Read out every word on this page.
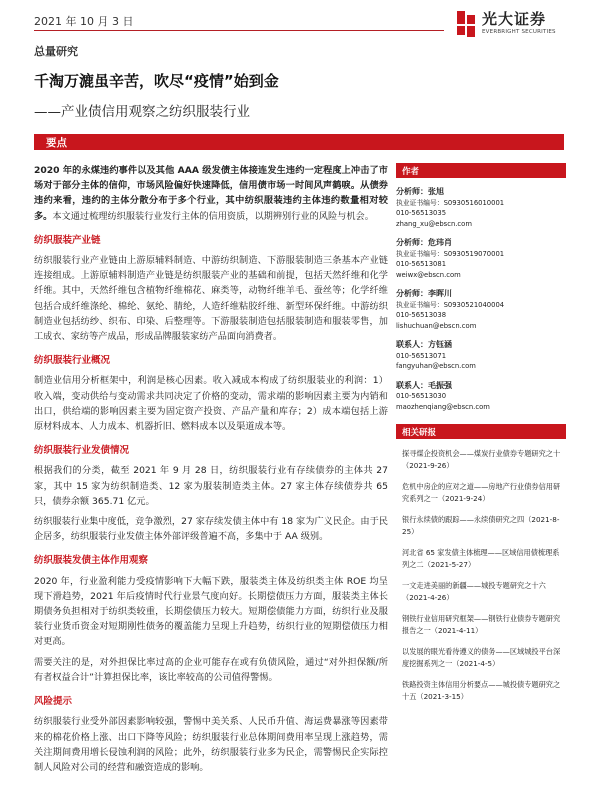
2021 年 10 月 3 日	光大证券
EVERBRIGHT SECURITIES
总量研究
千淘万漉虽辛苦，吹尽“疫情”始到金
——产业债信用观察之纺织服装行业
要点

2020 年的永煤违约事件以及其他 AAA 级发债主体接连发生违约一定程度上冲击了市场对于部分主体的信仰，市场风险偏好快速降低，信用债市场一时间风声鹤唳。从债券违约来看，违约的主体分散分布于多个行业，其中纺织服装违约主体违约数量相对较多。本文通过梳理纺织服装行业发行主体的信用资质，以期辨别行业的风险与机会。

纺织服装产业链

纺织服装行业产业链由上游原辅料制造、中游纺织制造、下游服装制造三条基本产业链连接组成。上游原辅料制造产业链是纺织服装产业的基础和前提，包括天然纤维和化学纤维。其中，天然纤维包含植物纤维棉花、麻类等，动物纤维羊毛、蚕丝等；化学纤维包括合成纤维涤纶、棉纶、氨纶、腈纶，人造纤维粘胶纤维、新型环保纤维。中游纺织制造业包括纺纱、织布、印染、后整理等。下游服装制造包括服装制造和服装零售，加工成衣、家纺等产成品，形成品牌服装家纺产品面向消费者。

纺织服装行业概况

制造业信用分析框架中，利润是核心因素。收入减成本构成了纺织服装业的利润：1）收入端，变动供给与变动需求共同决定了价格的变动，需求端的影响因素主要为内销和出口，供给端的影响因素主要为固定资产投资、产品产量和库存；2）成本端包括上游原材料成本、人力成本、机器折旧、燃料成本以及渠道成本等。

纺织服装行业发债情况

根据我们的分类，截至 2021 年 9 月 28 日，纺织服装行业有存续债券的主体共 27 家，其中 15 家为纺织制造类、12 家为服装制造类主体。27 家主体存续债券共 65 只，债券余额 365.71 亿元。

纺织服装行业集中度低，竞争激烈，27 家存续发债主体中有 18 家为广义民企。由于民企居多，纺织服装行业发债主体外部评级普遍不高，多集中于 AA 级别。

纺织服装发债主体作用观察

2020 年，行业盈利能力受疫情影响下大幅下跌，服装类主体及纺织类主体 ROE 均呈现下滑趋势，2021 年后疫情时代行业景气度向好。长期偿债压力方面，服装类主体长期债务负担相对于纺织类较重，长期偿债压力较大。短期偿债能力方面，纺织行业及服装行业货币资金对短期刚性债务的覆盖能力呈现上升趋势，纺织行业的短期偿债压力相对更高。

需要关注的是，对外担保比率过高的企业可能存在或有负债风险，通过“对外担保额/所有者权益合计”计算担保比率，该比率较高的公司值得警惕。

风险提示

纺织服装行业受外部因素影响较强，警惕中美关系、人民币升值、海运费暴涨等因素带来的棉花价格上涨、出口下降等风险；纺织服装行业总体期间费用率呈现上涨趋势，需关注期间费用增长侵蚀利润的风险；此外，纺织服装行业多为民企，需警惕民企实际控制人风险对公司的经营和融资造成的影响。

作者
分析师：张旭
执业证书编号：S0930516010001
010-56513035
zhang_xu@ebscn.com
分析师：危玮肖
执业证书编号：S0930519070001
010-56513081
weiwx@ebscn.com
分析师：李晖川
执业证书编号：S0930521040004
010-56513038
lishuchuan@ebscn.com
联系人：方钰涵
010-56513071
fangyuhan@ebscn.com
联系人：毛振强
010-56513030
maozhenqiang@ebscn.com
相关研报
探寻煤企投资机会——煤炭行业债券专题研究之十（2021-9-26）
危机中房企的应对之道——房地产行业债券信用研究系列之一（2021-9-24）
银行永续债的跟踪——永续债研究之四（2021-8-25）
河北省 65 家发债主体梳理——区域信用债梳理系列之二（2021-5-27）
一文走进美丽的新疆——城投专题研究之十六（2021-4-26）
钢铁行业信用研究框架——钢铁行业债券专题研究报告之一（2021-4-11）
以发展的眼光看待遵义的债务——区域城投平台深度挖掘系列之一（2021-4-5）
铁路投资主体信用分析要点——城投债专题研究之十五（2021-3-15）
